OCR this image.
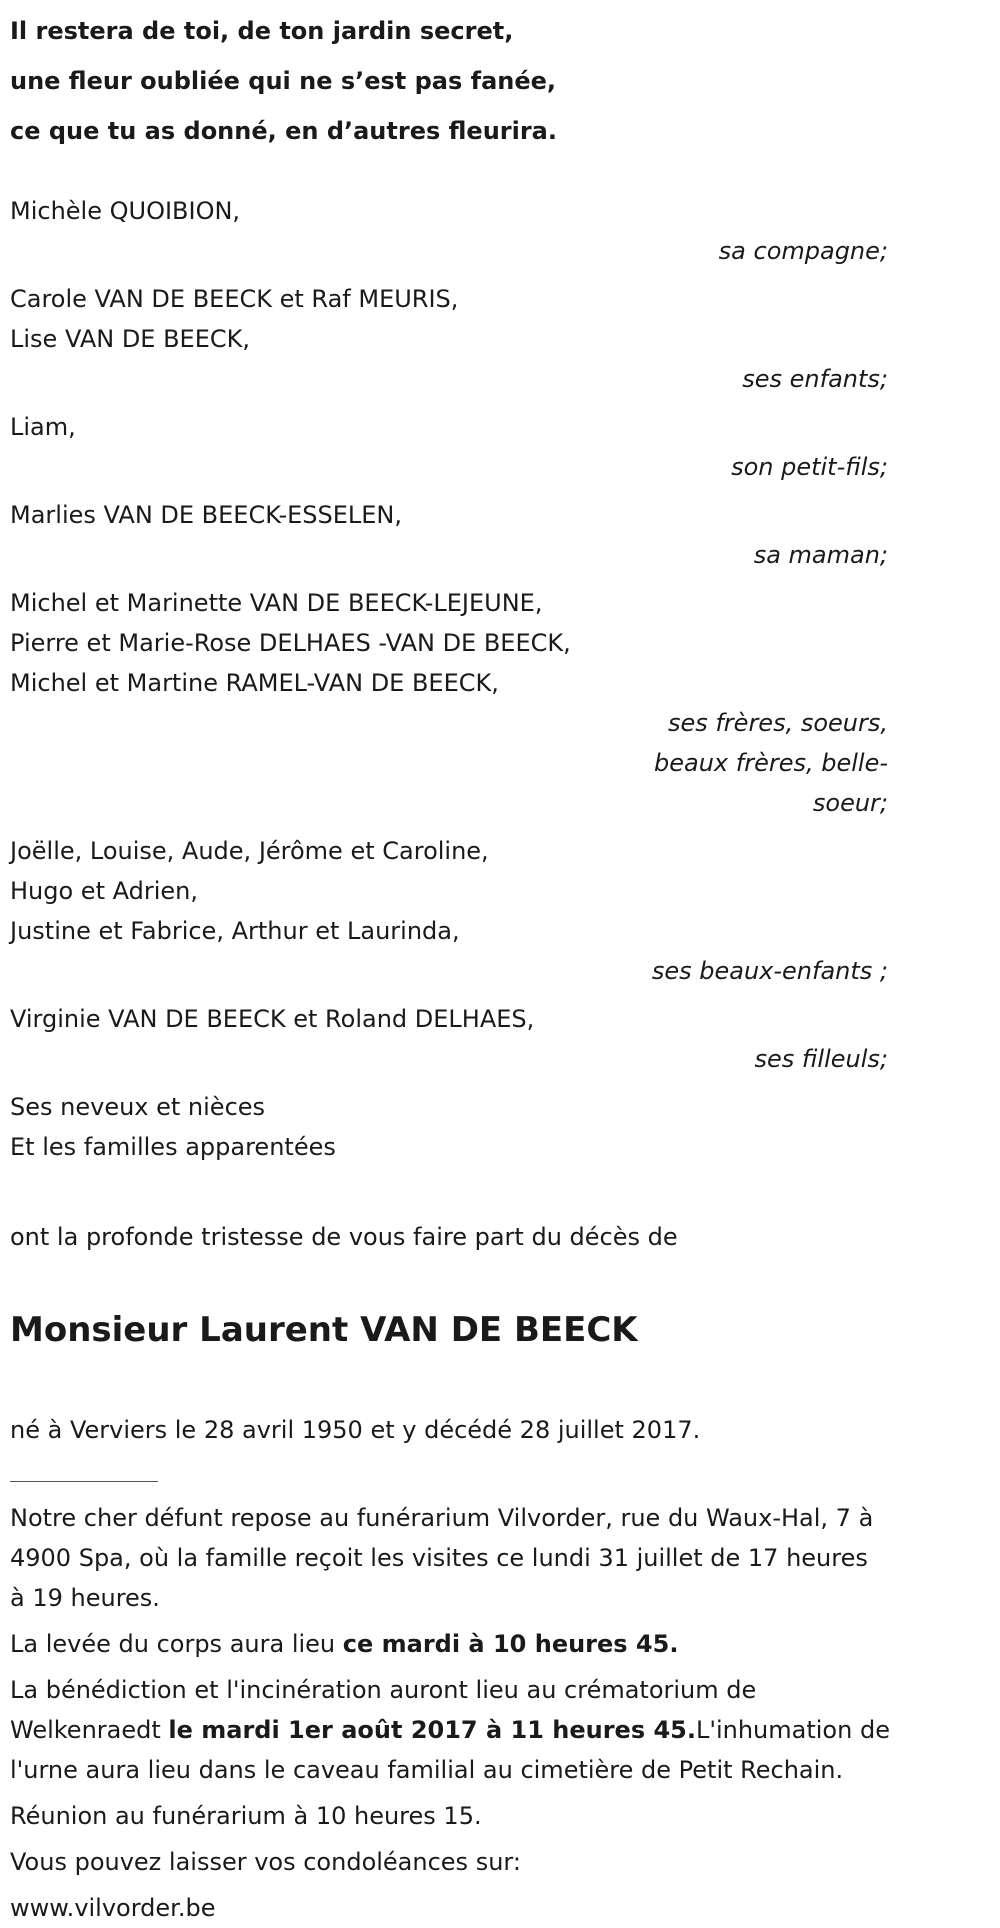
Il restera de toi, de ton jardin secret,

une fleur oubliée qui ne s’est pas fanée,

ce que tu as donné, en d’autres fleurira.

Michèle QUOIBION,

sa compagne;

Carole VAN DE BEECK et Raf MEURIS,

Lise VAN DE BEECK,

ses enfants;

Liam,

son petit-fils;

Marlies VAN DE BEECK-ESSELEN,

sa maman;

Michel et Marinette VAN DE BEECK-LEJEUNE,

Pierre et Marie-Rose DELHAES -VAN DE BEECK,

Michel et Martine RAMEL-VAN DE BEECK,

ses frères, soeurs, beaux frères, belle-soeur;

Joëlle, Louise, Aude, Jérôme et Caroline,

Hugo et Adrien,

Justine et Fabrice, Arthur et Laurinda,

ses beaux-enfants ;

Virginie VAN DE BEECK et Roland DELHAES,

ses filleuls;

Ses neveux et nièces

Et les familles apparentées

ont la profonde tristesse de vous faire part du décès de

Monsieur Laurent VAN DE BEECK

né à Verviers le 28 avril 1950 et y décédé 28 juillet 2017.

Notre cher défunt repose au funérarium Vilvorder, rue du Waux-Hal, 7 à 4900 Spa, où la famille reçoit les visites ce lundi 31 juillet de 17 heures à 19 heures.

La levée du corps aura lieu ce mardi à 10 heures 45.

La bénédiction et l'incinération auront lieu au crématorium de Welkenraedt le mardi 1er août 2017 à 11 heures 45.L'inhumation de l'urne aura lieu dans le caveau familial au cimetière de Petit Rechain.

Réunion au funérarium à 10 heures 15.

Vous pouvez laisser vos condoléances sur:

www.vilvorder.be
